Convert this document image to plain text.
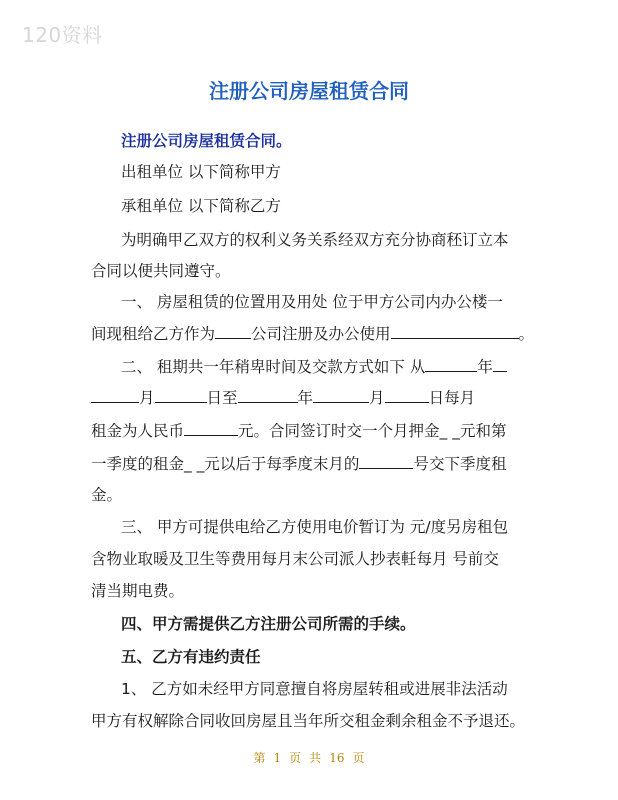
120资料
注册公司房屋租赁合同
注册公司房屋租赁合同。
出租单位 以下简称甲方
承租单位 以下简称乙方
为明确甲乙双方的权利义务关系经双方充分协商秠订立本
合同以便共同遵守。
一、 房屋租赁的位置用及用处 位于甲方公司内办公楼一
间现租给乙方作为 公司注册及办公使用	。
二、 租期共一年稍卑时间及交款方式如下 从	年
月	日至	年	月	日每月
租金为人民币	元。合同签订时交一个月押金_ _元和第
一季度的租金_ _元以后于每季度末月的	号交下季度租
金。
三、 甲方可提供电给乙方使用电价暂订为 元/度另房租包
含物业取暖及卫生等费用每月末公司派人抄表軠每月 号前交
清当期电费。
四、甲方需提供乙方注册公司所需的手续。
五、乙方有违约责任
1、 乙方如未经甲方同意擅自将房屋转租或进展非法活动
甲方有权解除合同收回房屋且当年所交租金剩余租金不予退还。
第 1 页 共 16 页
